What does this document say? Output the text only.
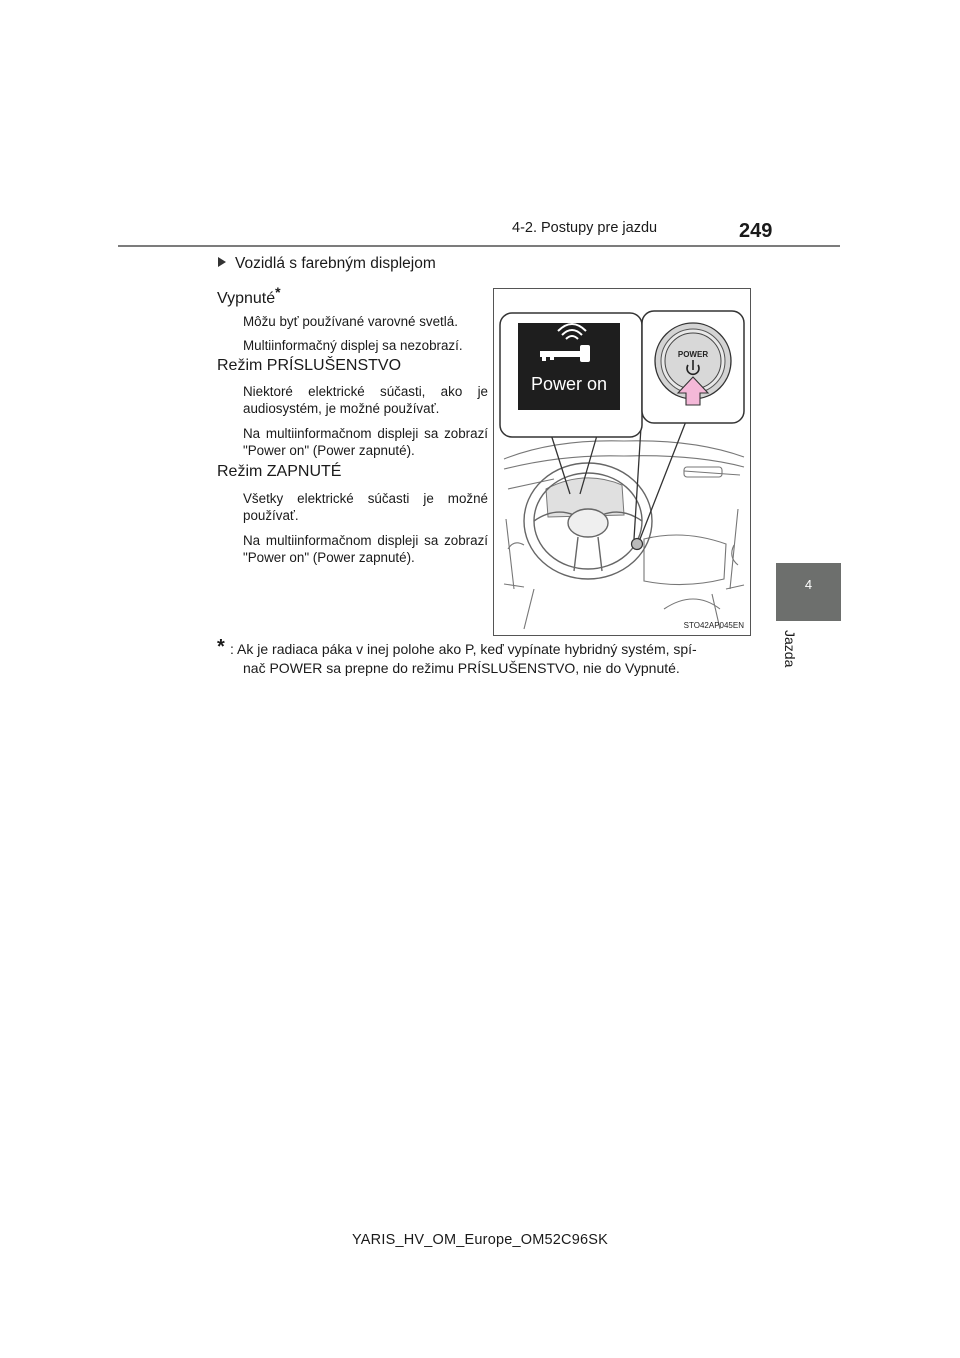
4-2. Postupy pre jazdu	249
4
Jazda
Vozidlá s farebným displejom
Vypnuté*
Môžu byť používané varovné svetlá.
Multiinformačný displej sa nezobrazí.
Režim PRÍSLUŠENSTVO
Niektoré elektrické súčasti, ako je audiosystém, je možné používať.
Na multiinformačnom displeji sa zobrazí "Power on" (Power zapnuté).
Režim ZAPNUTÉ
Všetky elektrické súčasti je možné používať.
Na multiinformačnom displeji sa zobrazí "Power on" (Power zapnuté).
Power on
POWER
STO42AP045EN
* : Ak je radiaca páka v inej polohe ako P, keď vypínate hybridný systém, spí-

nač POWER sa prepne do režimu PRÍSLUŠENSTVO, nie do Vypnuté.

YARIS_HV_OM_Europe_OM52C96SK
